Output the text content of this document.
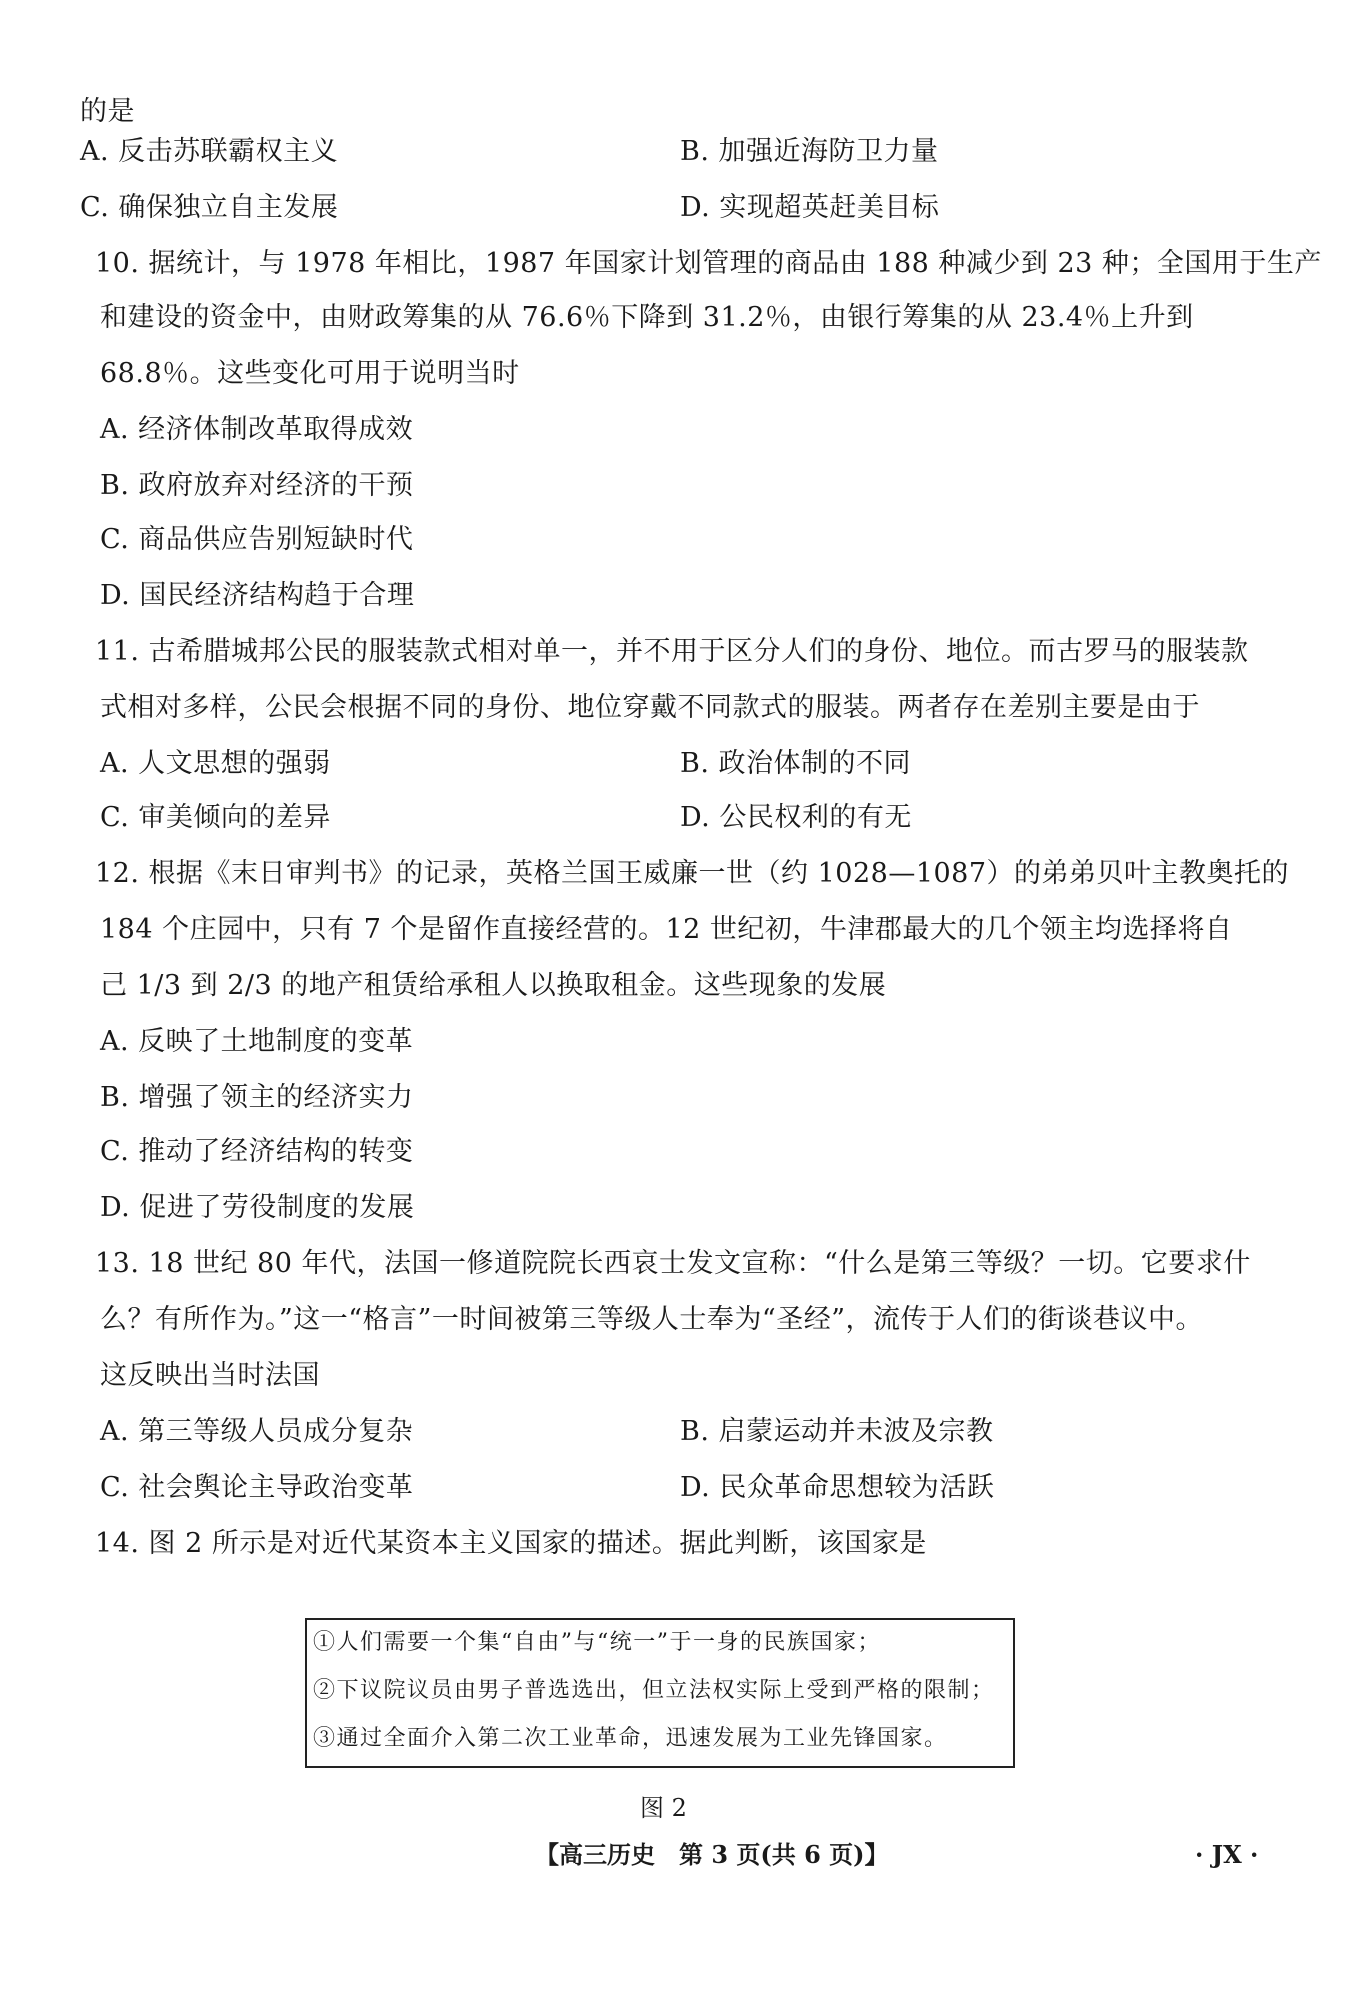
的是
A. 反击苏联霸权主义	B. 加强近海防卫力量
C. 确保独立自主发展	D. 实现超英赶美目标
10. 据统计，与 1978 年相比，1987 年国家计划管理的商品由 188 种减少到 23 种；全国用于生产
和建设的资金中，由财政筹集的从 76.6％下降到 31.2％，由银行筹集的从 23.4％上升到
68.8％。这些变化可用于说明当时
A. 经济体制改革取得成效
B. 政府放弃对经济的干预
C. 商品供应告别短缺时代
D. 国民经济结构趋于合理
11. 古希腊城邦公民的服装款式相对单一，并不用于区分人们的身份、地位。而古罗马的服装款
式相对多样，公民会根据不同的身份、地位穿戴不同款式的服装。两者存在差别主要是由于
A. 人文思想的强弱	B. 政治体制的不同
C. 审美倾向的差异	D. 公民权利的有无
12. 根据《末日审判书》的记录，英格兰国王威廉一世（约 1028—1087）的弟弟贝叶主教奥托的
184 个庄园中，只有 7 个是留作直接经营的。12 世纪初，牛津郡最大的几个领主均选择将自
己 1/3 到 2/3 的地产租赁给承租人以换取租金。这些现象的发展
A. 反映了土地制度的变革
B. 增强了领主的经济实力
C. 推动了经济结构的转变
D. 促进了劳役制度的发展
13. 18 世纪 80 年代，法国一修道院院长西哀士发文宣称：“什么是第三等级？一切。它要求什
么？有所作为。”这一“格言”一时间被第三等级人士奉为“圣经”，流传于人们的街谈巷议中。
这反映出当时法国
A. 第三等级人员成分复杂	B. 启蒙运动并未波及宗教
C. 社会舆论主导政治变革	D. 民众革命思想较为活跃
14. 图 2 所示是对近代某资本主义国家的描述。据此判断，该国家是
①人们需要一个集“自由”与“统一”于一身的民族国家；
②下议院议员由男子普选选出，但立法权实际上受到严格的限制；
③通过全面介入第二次工业革命，迅速发展为工业先锋国家。
图 2
【高三历史　第 3 页(共 6 页)】	· JX ·
